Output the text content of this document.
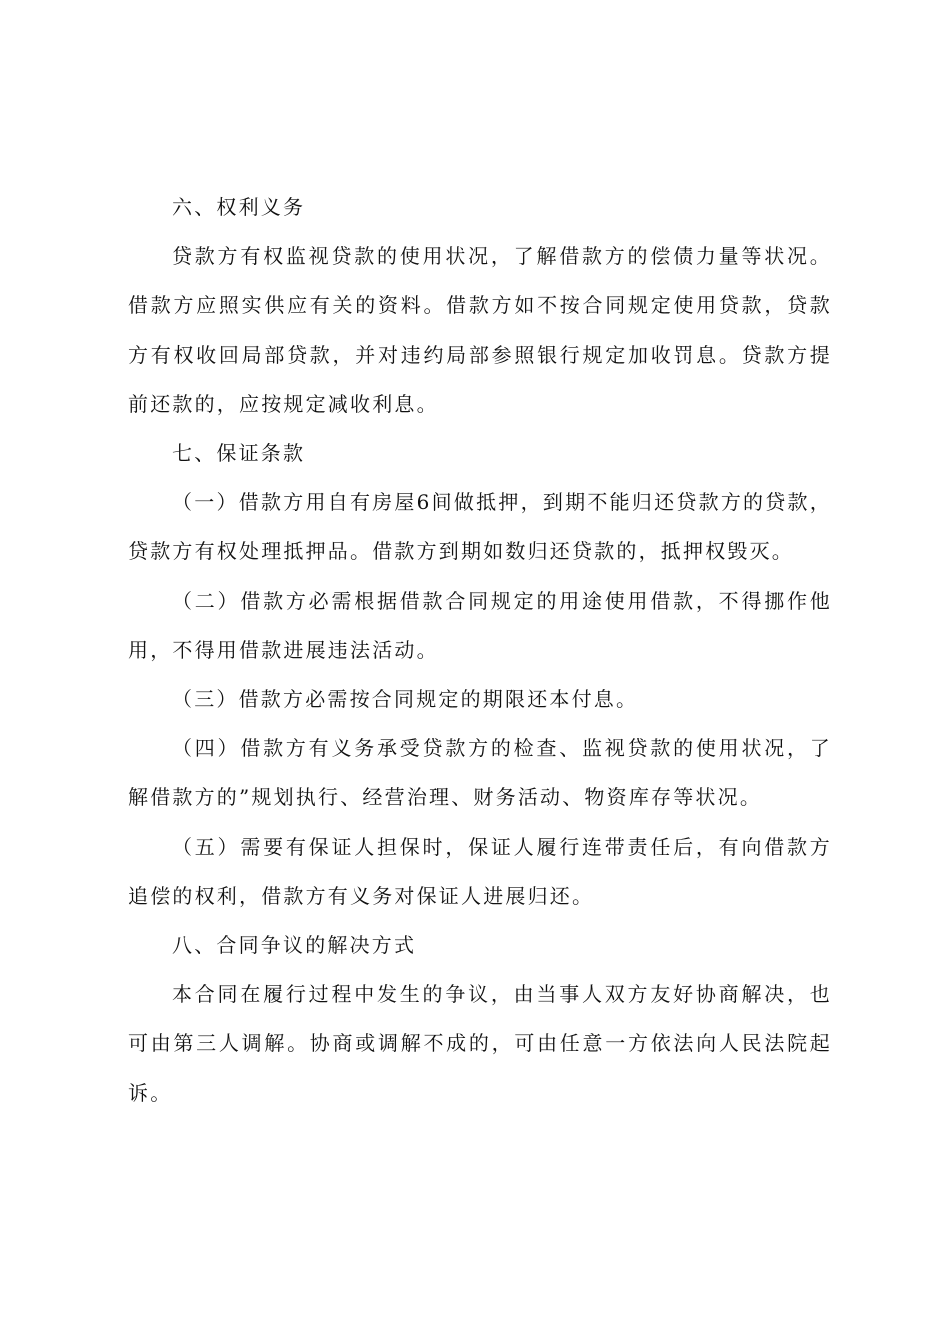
六、权利义务

贷款方有权监视贷款的使用状况，了解借款方的偿债力量等状况。借款方应照实供应有关的资料。借款方如不按合同规定使用贷款，贷款方有权收回局部贷款，并对违约局部参照银行规定加收罚息。贷款方提前还款的，应按规定减收利息。

七、保证条款

（一）借款方用自有房屋6间做抵押，到期不能归还贷款方的贷款，贷款方有权处理抵押品。借款方到期如数归还贷款的，抵押权毁灭。

（二）借款方必需根据借款合同规定的用途使用借款，不得挪作他用，不得用借款进展违法活动。

（三）借款方必需按合同规定的期限还本付息。

（四）借款方有义务承受贷款方的检查、监视贷款的使用状况，了解借款方的”规划执行、经营治理、财务活动、物资库存等状况。

（五）需要有保证人担保时，保证人履行连带责任后，有向借款方追偿的权利，借款方有义务对保证人进展归还。

八、合同争议的解决方式

本合同在履行过程中发生的争议，由当事人双方友好协商解决，也可由第三人调解。协商或调解不成的，可由任意一方依法向人民法院起诉。
